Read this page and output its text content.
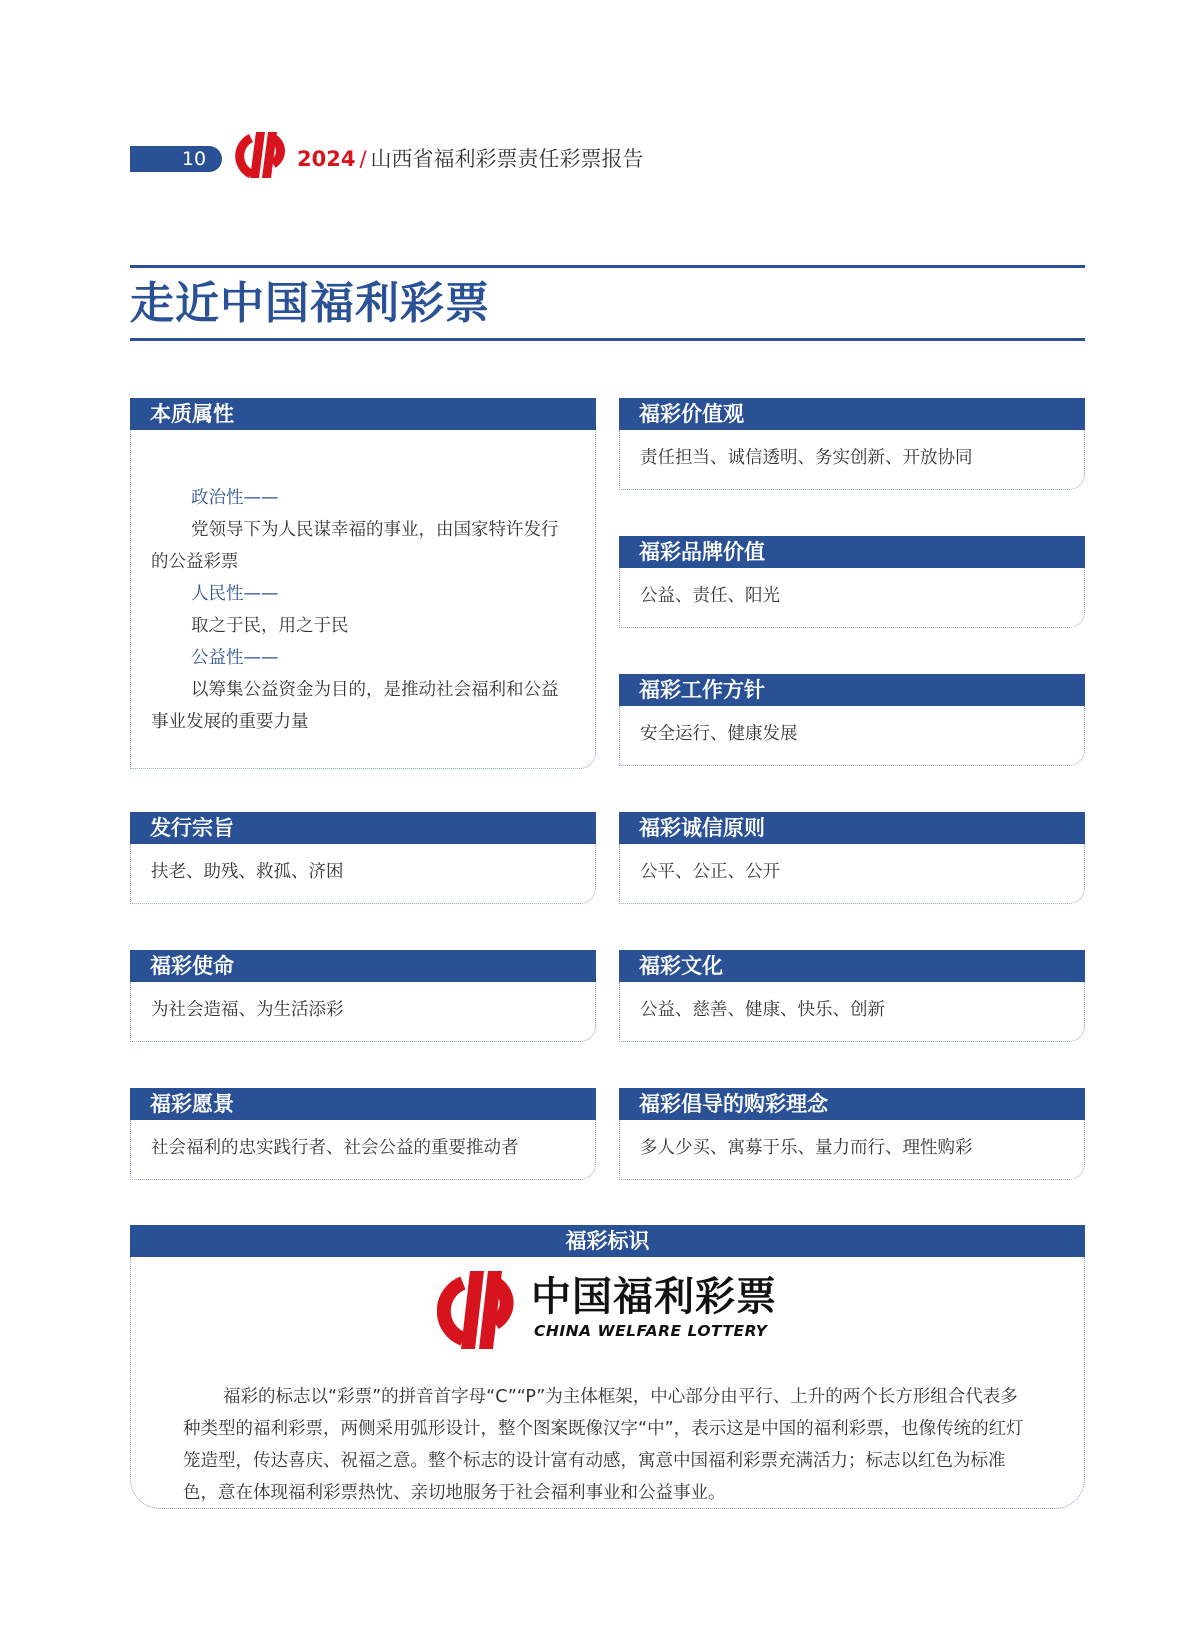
10	2024 / 山西省福利彩票责任彩票报告
走近中国福利彩票
本质属性
政治性——
党领导下为人民谋幸福的事业，由国家特许发行的公益彩票
人民性——
取之于民，用之于民
公益性——
以筹集公益资金为目的，是推动社会福利和公益事业发展的重要力量
福彩价值观
责任担当、诚信透明、务实创新、开放协同
福彩品牌价值
公益、责任、阳光
福彩工作方针
安全运行、健康发展
发行宗旨
扶老、助残、救孤、济困
福彩诚信原则
公平、公正、公开
福彩使命
为社会造福、为生活添彩
福彩文化
公益、慈善、健康、快乐、创新
福彩愿景
社会福利的忠实践行者、社会公益的重要推动者
福彩倡导的购彩理念
多人少买、寓募于乐、量力而行、理性购彩
福彩标识
中国福利彩票
CHINA WELFARE LOTTERY
福彩的标志以“彩票”的拼音首字母“C”“P”为主体框架，中心部分由平行、上升的两个长方形组合代表多种类型的福利彩票，两侧采用弧形设计，整个图案既像汉字“中”，表示这是中国的福利彩票，也像传统的红灯笼造型，传达喜庆、祝福之意。整个标志的设计富有动感，寓意中国福利彩票充满活力；标志以红色为标准色，意在体现福利彩票热忱、亲切地服务于社会福利事业和公益事业。
